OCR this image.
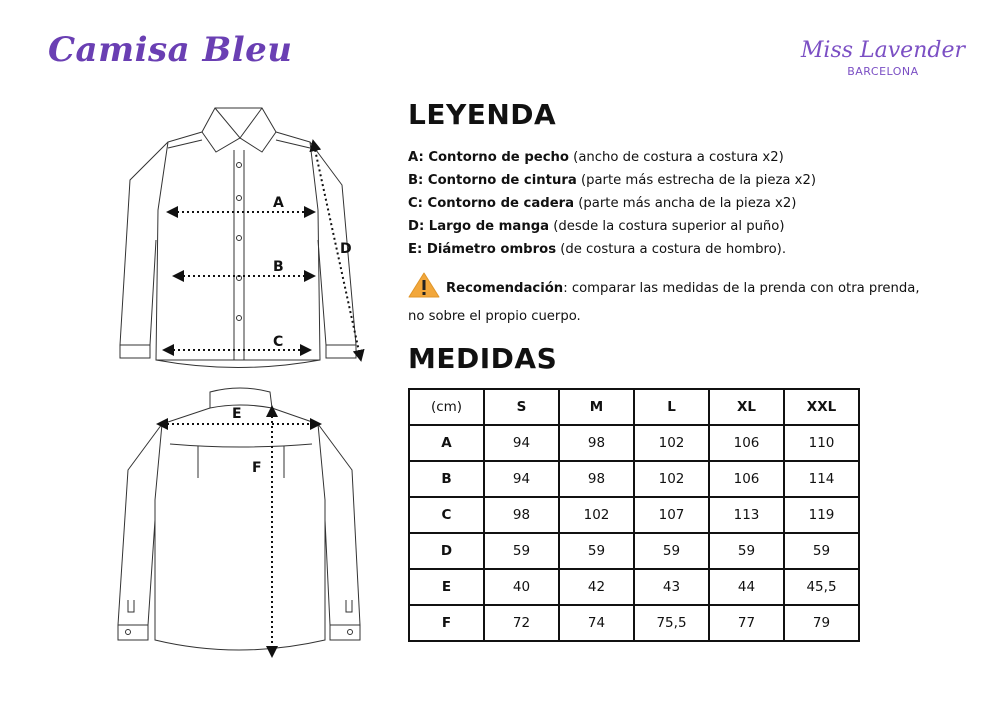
Camisa Bleu	Miss Lavender
BARCELONA
A
B
C
D
E
F
LEYENDA
A: Contorno de pecho (ancho de costura a costura x2)
B: Contorno de cintura (parte más estrecha de la pieza x2)
C: Contorno de cadera (parte más ancha de la pieza x2)
D: Largo de manga (desde la costura superior al puño)
E: Diámetro ombros (de costura a costura de hombro).
Recomendación: comparar las medidas de la prenda con otra prenda, no sobre el propio cuerpo.
MEDIDAS
(cm)	S	M	L	XL	XXL
A	94	98	102	106	110
B	94	98	102	106	114
C	98	102	107	113	119
D	59	59	59	59	59
E	40	42	43	44	45,5
F	72	74	75,5	77	79
